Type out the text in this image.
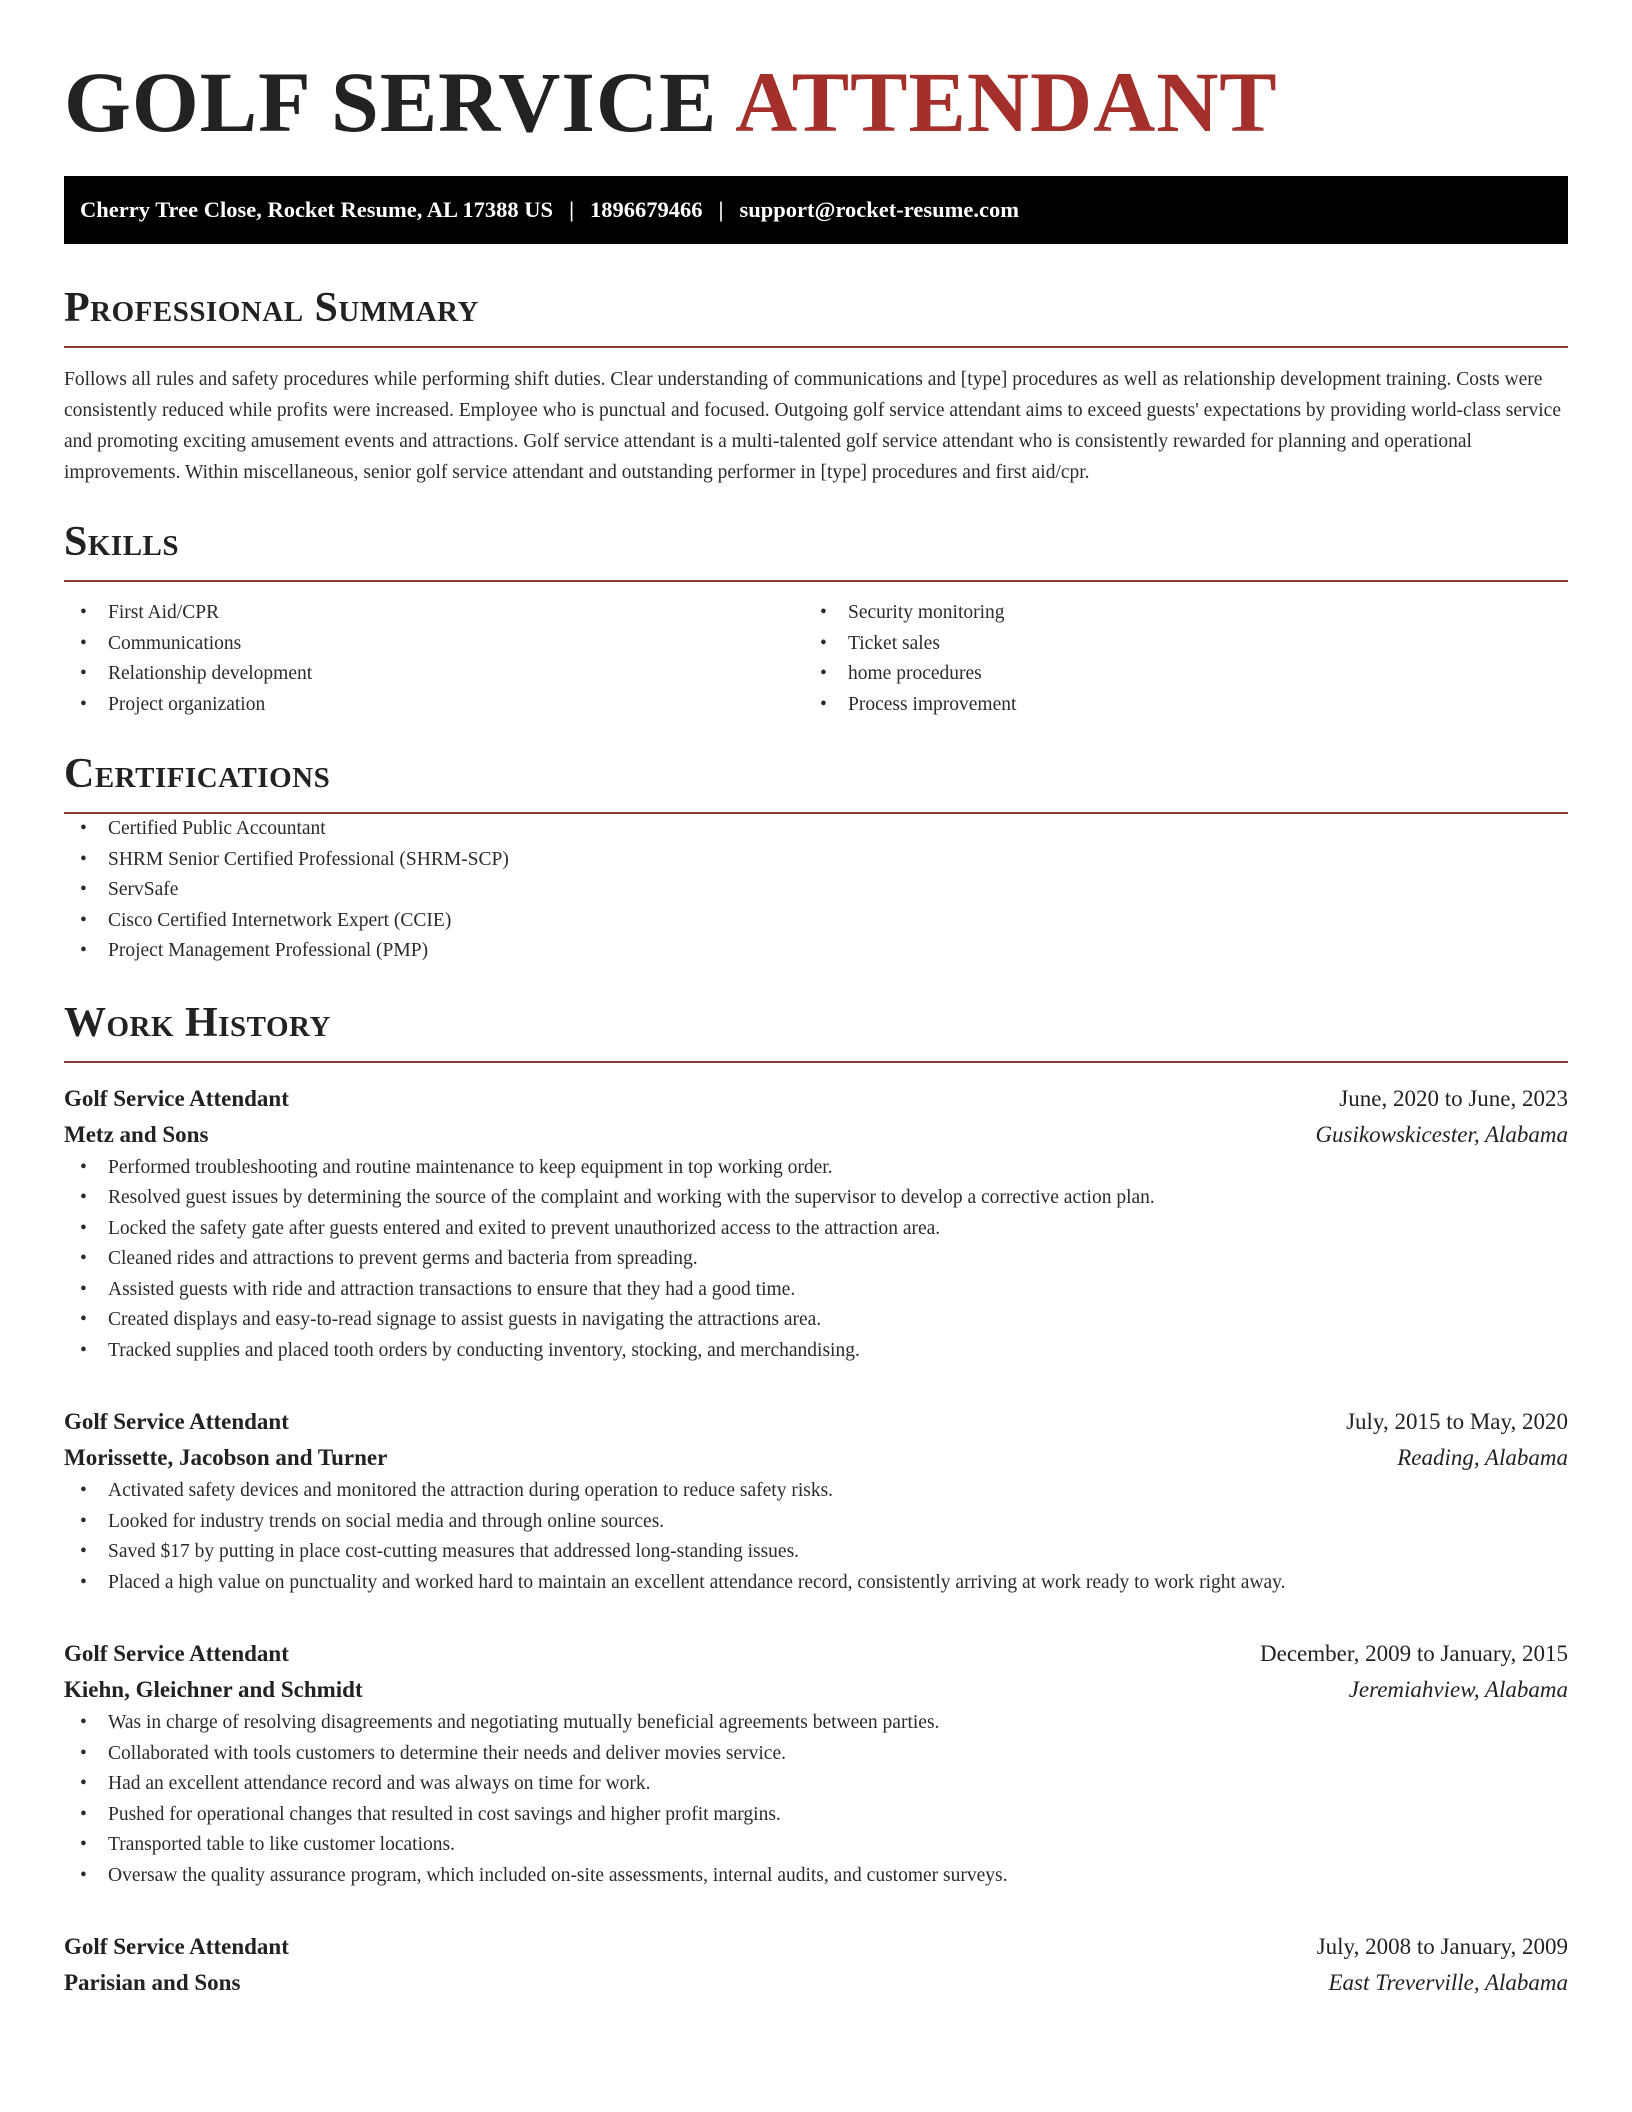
GOLF SERVICE ATTENDANT
Cherry Tree Close, Rocket Resume, AL 17388 US | 1896679466 | support@rocket-resume.com
Professional Summary

Follows all rules and safety procedures while performing shift duties. Clear understanding of communications and [type] procedures as well as relationship development training. Costs were consistently reduced while profits were increased. Employee who is punctual and focused. Outgoing golf service attendant aims to exceed guests' expectations by providing world-class service and promoting exciting amusement events and attractions. Golf service attendant is a multi-talented golf service attendant who is consistently rewarded for planning and operational improvements. Within miscellaneous, senior golf service attendant and outstanding performer in [type] procedures and first aid/cpr.

Skills
• First Aid/CPR
• Communications
• Relationship development
• Project organization
• Security monitoring
• Ticket sales
• home procedures
• Process improvement
Certifications
• Certified Public Accountant
• SHRM Senior Certified Professional (SHRM-SCP)
• ServSafe
• Cisco Certified Internetwork Expert (CCIE)
• Project Management Professional (PMP)
Work History
Golf Service Attendant	June, 2020 to June, 2023
Metz and Sons	Gusikowskicester, Alabama
• Performed troubleshooting and routine maintenance to keep equipment in top working order.
• Resolved guest issues by determining the source of the complaint and working with the supervisor to develop a corrective action plan.
• Locked the safety gate after guests entered and exited to prevent unauthorized access to the attraction area.
• Cleaned rides and attractions to prevent germs and bacteria from spreading.
• Assisted guests with ride and attraction transactions to ensure that they had a good time.
• Created displays and easy-to-read signage to assist guests in navigating the attractions area.
• Tracked supplies and placed tooth orders by conducting inventory, stocking, and merchandising.
Golf Service Attendant	July, 2015 to May, 2020
Morissette, Jacobson and Turner	Reading, Alabama
• Activated safety devices and monitored the attraction during operation to reduce safety risks.
• Looked for industry trends on social media and through online sources.
• Saved $17 by putting in place cost-cutting measures that addressed long-standing issues.
• Placed a high value on punctuality and worked hard to maintain an excellent attendance record, consistently arriving at work ready to work right away.
Golf Service Attendant	December, 2009 to January, 2015
Kiehn, Gleichner and Schmidt	Jeremiahview, Alabama
• Was in charge of resolving disagreements and negotiating mutually beneficial agreements between parties.
• Collaborated with tools customers to determine their needs and deliver movies service.
• Had an excellent attendance record and was always on time for work.
• Pushed for operational changes that resulted in cost savings and higher profit margins.
• Transported table to like customer locations.
• Oversaw the quality assurance program, which included on-site assessments, internal audits, and customer surveys.
Golf Service Attendant	July, 2008 to January, 2009
Parisian and Sons	East Treverville, Alabama
